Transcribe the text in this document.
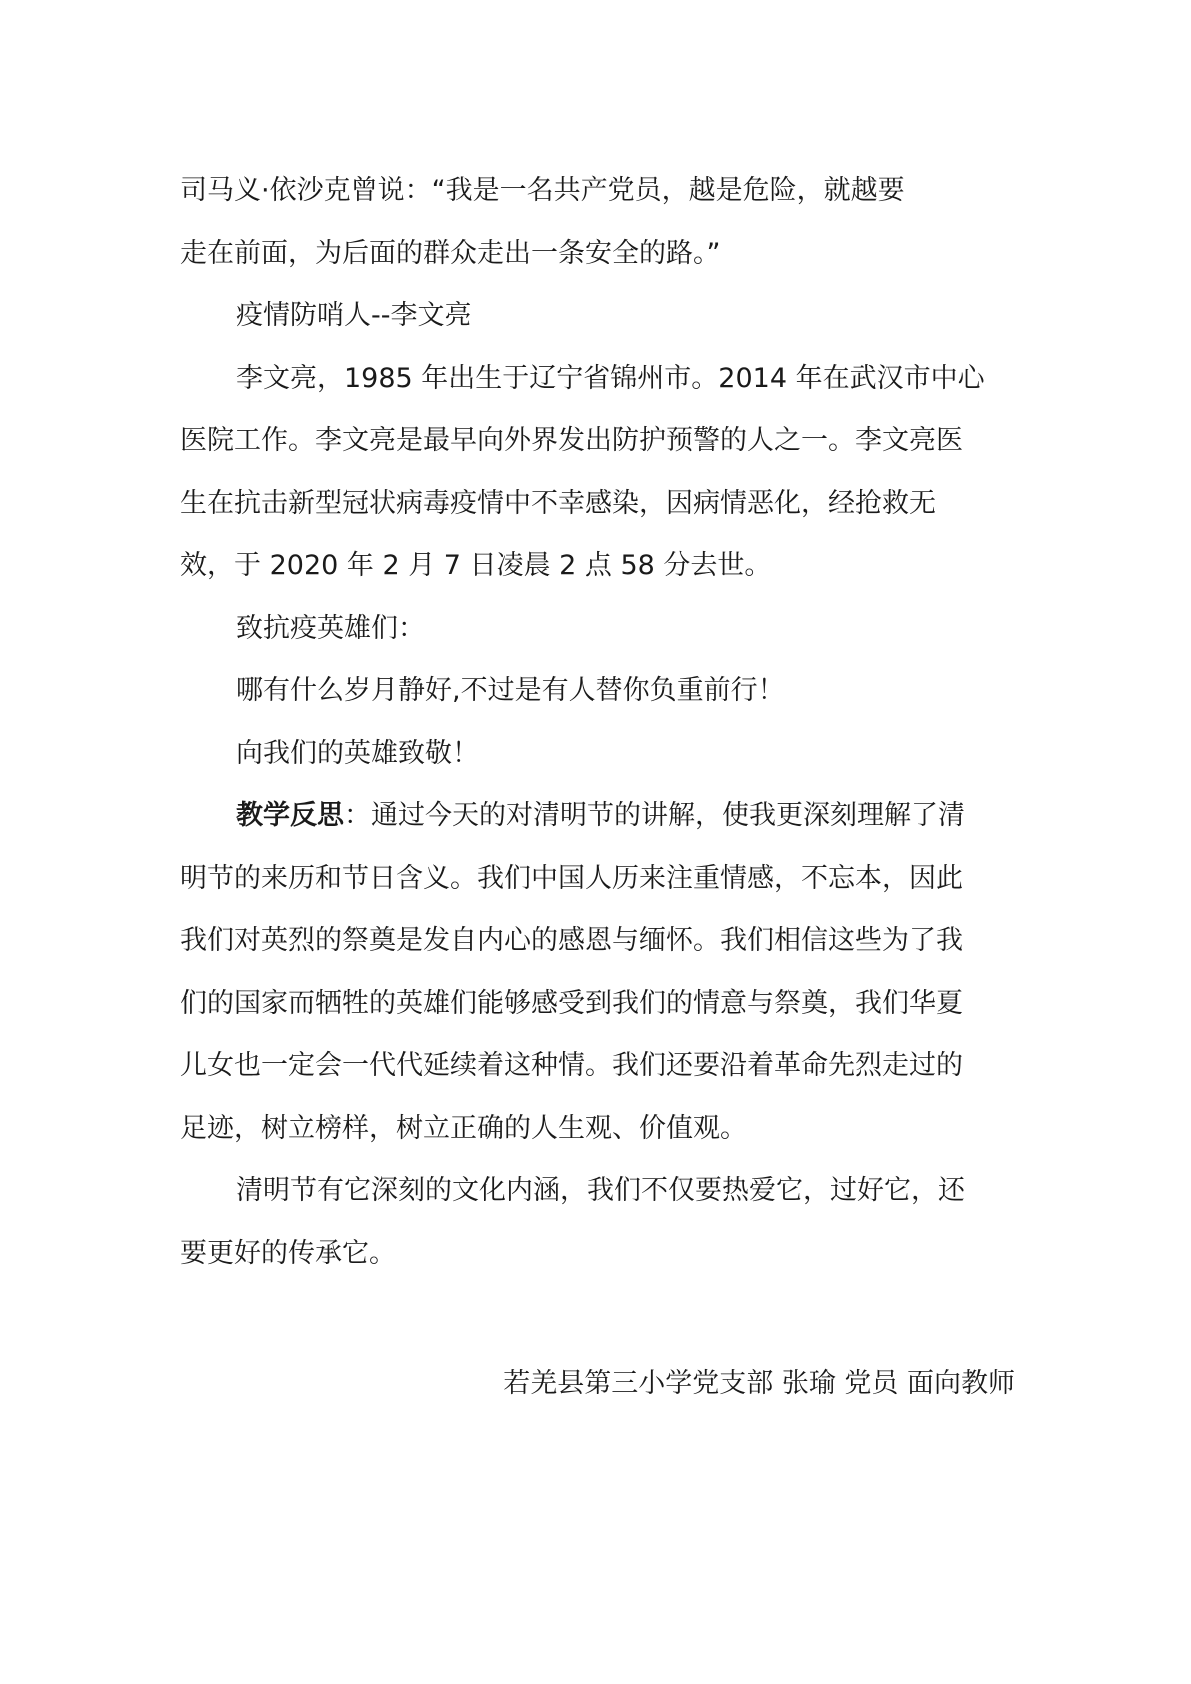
司马义·依沙克曾说：“我是一名共产党员，越是危险，就越要
走在前面，为后面的群众走出一条安全的路。”
疫情防哨人--李文亮
李文亮，1985 年出生于辽宁省锦州市。2014 年在武汉市中心
医院工作。李文亮是最早向外界发出防护预警的人之一。李文亮医
生在抗击新型冠状病毒疫情中不幸感染，因病情恶化，经抢救无
效，于 2020 年 2 月 7 日凌晨 2 点 58 分去世。
致抗疫英雄们：
哪有什么岁月静好,不过是有人替你负重前行！
向我们的英雄致敬！
教学反思：通过今天的对清明节的讲解，使我更深刻理解了清
明节的来历和节日含义。我们中国人历来注重情感，不忘本，因此
我们对英烈的祭奠是发自内心的感恩与缅怀。我们相信这些为了我
们的国家而牺牲的英雄们能够感受到我们的情意与祭奠，我们华夏
儿女也一定会一代代延续着这种情。我们还要沿着革命先烈走过的
足迹，树立榜样，树立正确的人生观、价值观。
清明节有它深刻的文化内涵，我们不仅要热爱它，过好它，还
要更好的传承它。
若羌县第三小学党支部 张瑜 党员 面向教师
